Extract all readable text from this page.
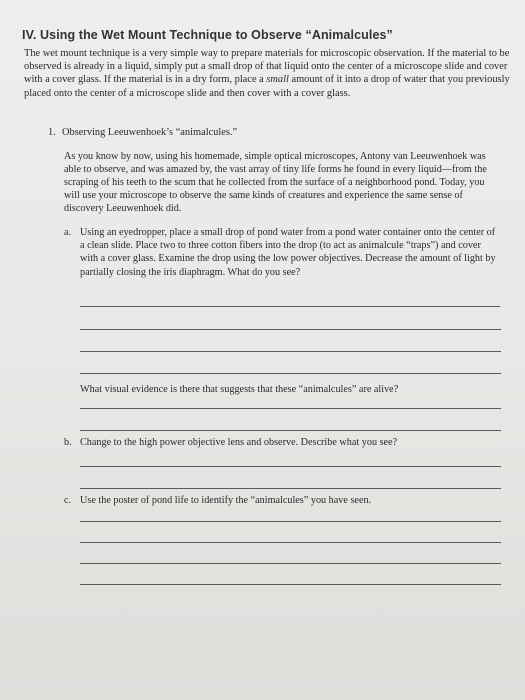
IV. Using the Wet Mount Technique to Observe “Animalcules”

The wet mount technique is a very simple way to prepare materials for microscopic observation. If the material to be observed is already in a liquid, simply put a small drop of that liquid onto the center of a microscope slide and cover with a cover glass. If the material is in a dry form, place a small amount of it into a drop of water that you previously placed onto the center of a microscope slide and then cover with a cover glass.

1. Observing Leeuwenhoek’s “animalcules.”
As you know by now, using his homemade, simple optical microscopes, Antony van Leeuwenhoek was able to observe, and was amazed by, the vast array of tiny life forms he found in every liquid—from the scraping of his teeth to the scum that he collected from the surface of a neighborhood pond. Today, you will use your microscope to observe the same kinds of creatures and experience the same sense of discovery Leeuwenhoek did.
a. Using an eyedropper, place a small drop of pond water from a pond water container onto the center of a clean slide. Place two to three cotton fibers into the drop (to act as animalcule “traps”) and cover with a cover glass. Examine the drop using the low power objectives. Decrease the amount of light by partially closing the iris diaphragm. What do you see?
What visual evidence is there that suggests that these “animalcules” are alive?
b. Change to the high power objective lens and observe. Describe what you see?
c. Use the poster of pond life to identify the “animalcules” you have seen.
